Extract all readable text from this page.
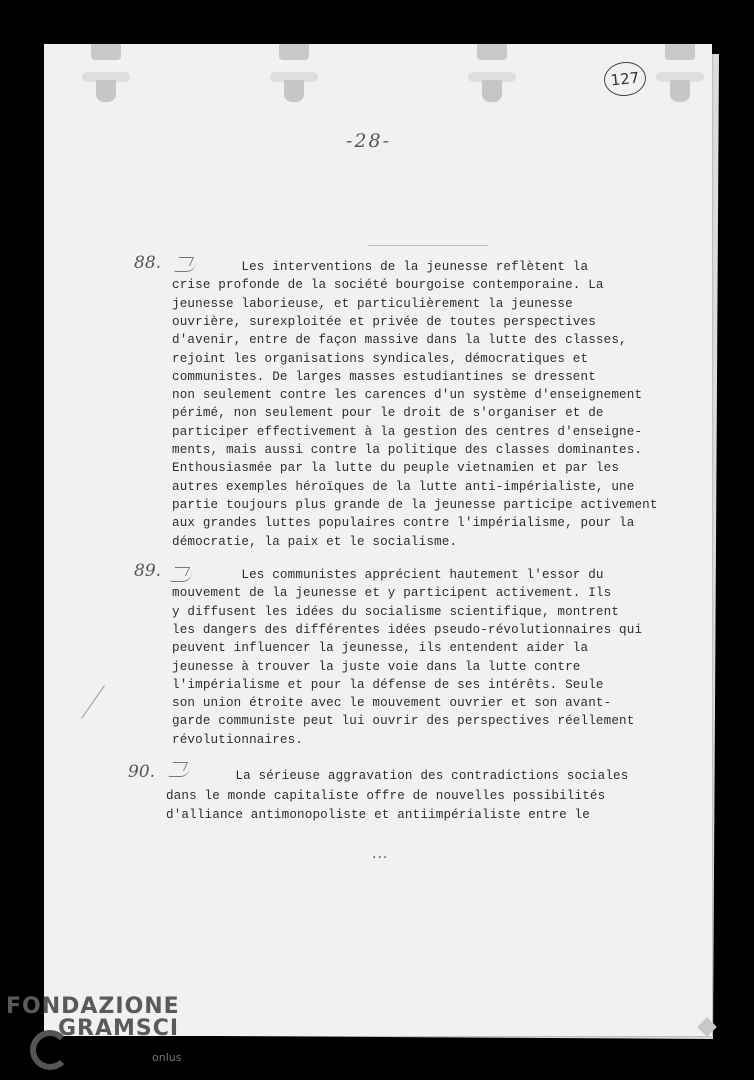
127
-28-
88. Les interventions de la jeunesse reflètent la
crise profonde de la société bourgoise contemporaine. La
jeunesse laborieuse, et particulièrement la jeunesse
ouvrière, surexploitée et privée de toutes perspectives
d'avenir, entre de façon massive dans la lutte des classes,
rejoint les organisations syndicales, démocratiques et
communistes. De larges masses estudiantines se dressent
non seulement contre les carences d'un système d'enseignement
périmé, non seulement pour le droit de s'organiser et de
participer effectivement à la gestion des centres d'enseigne-
ments, mais aussi contre la politique des classes dominantes.
Enthousiasmée par la lutte du peuple vietnamien et par les
autres exemples héroïques de la lutte anti-impérialiste, une
partie toujours plus grande de la jeunesse participe activement
aux grandes luttes populaires contre l'impérialisme, pour la
démocratie, la paix et le socialisme.
89. Les communistes apprécient hautement l'essor du
mouvement de la jeunesse et y participent activement. Ils
y diffusent les idées du socialisme scientifique, montrent
les dangers des différentes idées pseudo-révolutionnaires qui
peuvent influencer la jeunesse, ils entendent aider la
jeunesse à trouver la juste voie dans la lutte contre
l'impérialisme et pour la défense de ses intérêts. Seule
son union étroite avec le mouvement ouvrier et son avant-
garde communiste peut lui ouvrir des perspectives réellement
révolutionnaires.
90. La sérieuse aggravation des contradictions sociales
dans le monde capitaliste offre de nouvelles possibilités
d'alliance antimonopoliste et antiimpérialiste entre le
...
FONDAZIONE
GRAMSCI
onlus
